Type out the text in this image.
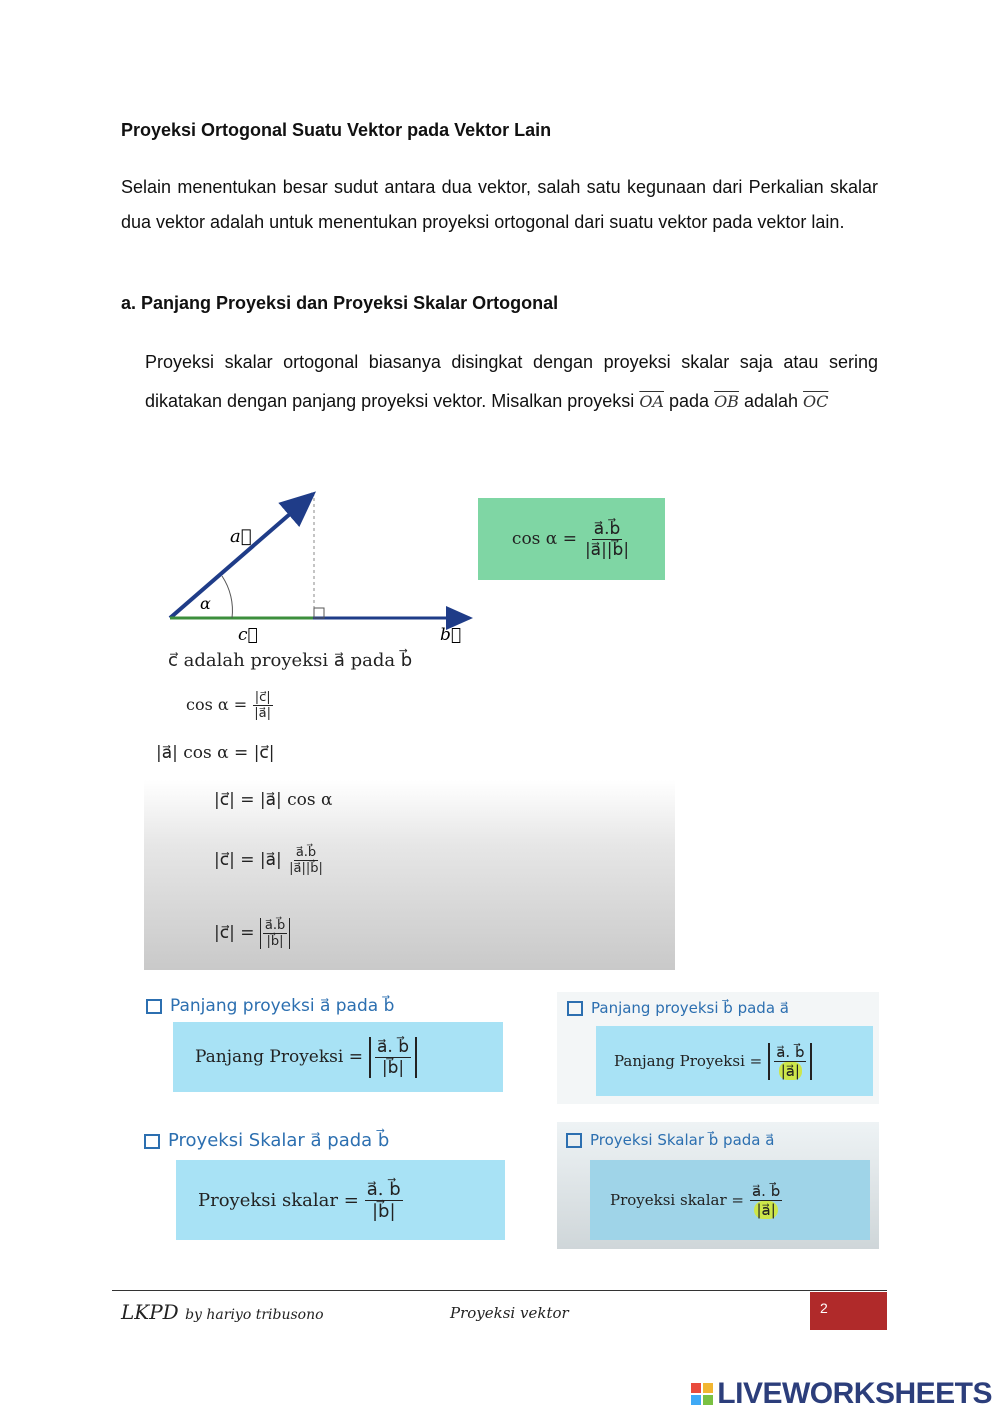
Proyeksi Ortogonal Suatu Vektor pada Vektor Lain
Selain menentukan besar sudut antara dua vektor, salah satu kegunaan dari Perkalian skalar dua vektor adalah untuk menentukan proyeksi ortogonal dari suatu vektor pada vektor lain.
a. Panjang Proyeksi dan Proyeksi Skalar Ortogonal
Proyeksi skalar ortogonal biasanya disingkat dengan proyeksi skalar saja atau sering dikatakan dengan panjang proyeksi vektor. Misalkan proyeksi $\overline{OA}$ pada $\overline{OB}$ adalah $\overline{OC}$
a⃗
α
c⃗	b⃗
$\cos \alpha = \frac{a⃗.b⃗}{|a⃗||b⃗|}$
c⃗ adalah proyeksi a⃗ pada b⃗
$\cos \alpha = \frac{|c⃗|}{|a⃗|}$
|a⃗| cos α = |c⃗|
|c⃗| = |a⃗| cos α
|c⃗| = |a⃗| $\frac{a⃗.b⃗}{|a⃗||b⃗|}$
|c⃗| = $\frac{a⃗.b⃗}{|b⃗|}$
Panjang proyeksi a⃗ pada b⃗
Panjang Proyeksi = $\frac{a⃗. b⃗}{|b⃗|}$
Panjang proyeksi b⃗ pada a⃗
Panjang Proyeksi = $\frac{a⃗. b⃗}{|a⃗|}$
Proyeksi Skalar a⃗ pada b⃗
Proyeksi skalar = $\frac{a⃗. b⃗}{|b⃗|}$
Proyeksi Skalar b⃗ pada a⃗
Proyeksi skalar = $\frac{a⃗. b⃗}{|a⃗|}$
LKPD by hariyo tribusono	Proyeksi vektor	2
LIVEWORKSHEETS
